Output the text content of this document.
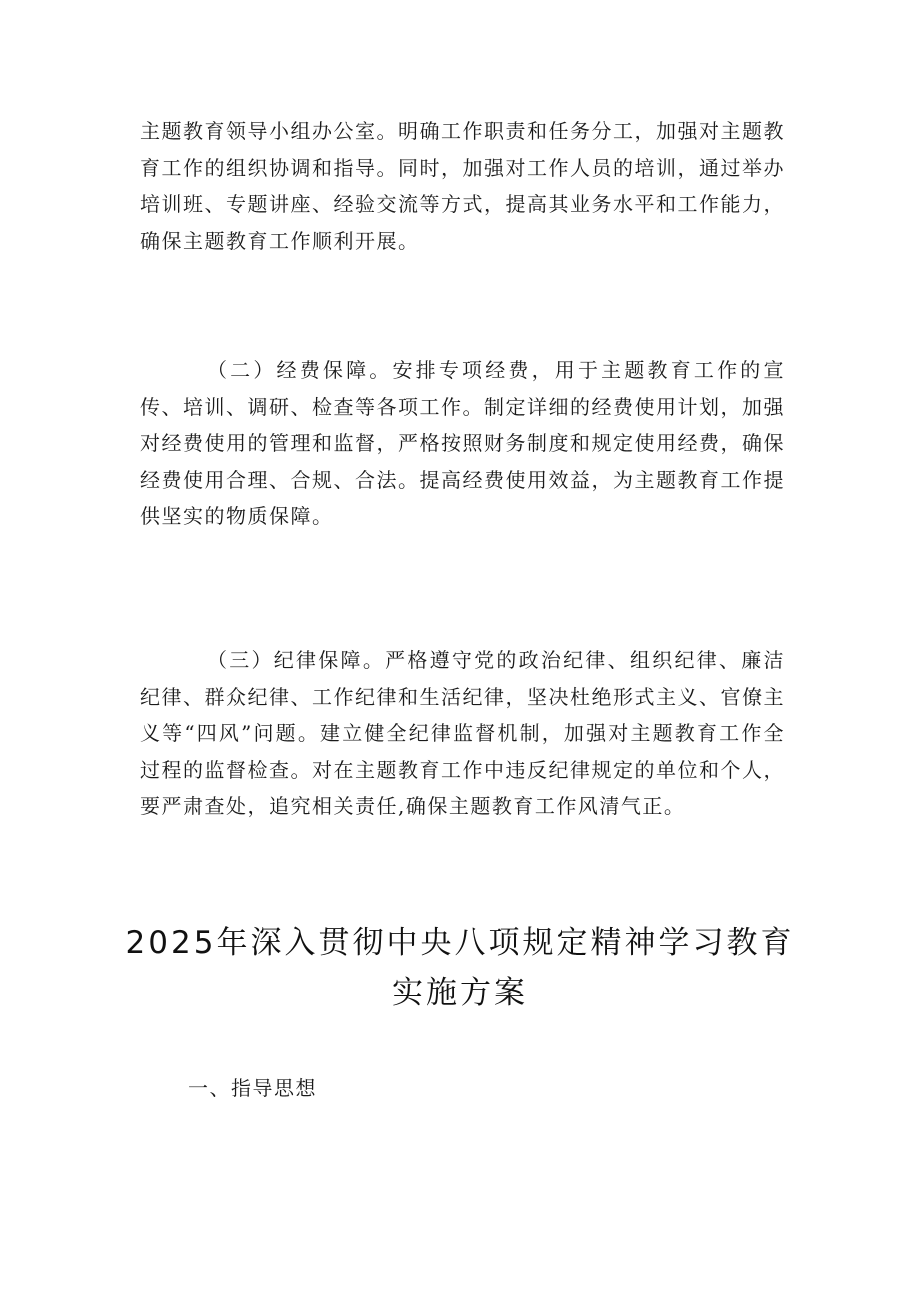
主题教育领导小组办公室。明确工作职责和任务分工，加强对主题教育工作的组织协调和指导。同时，加强对工作人员的培训，通过举办培训班、专题讲座、经验交流等方式，提高其业务水平和工作能力，确保主题教育工作顺利开展。

（二）经费保障。安排专项经费，用于主题教育工作的宣传、培训、调研、检查等各项工作。制定详细的经费使用计划，加强对经费使用的管理和监督，严格按照财务制度和规定使用经费，确保经费使用合理、合规、合法。提高经费使用效益，为主题教育工作提供坚实的物质保障。

（三）纪律保障。严格遵守党的政治纪律、组织纪律、廉洁纪律、群众纪律、工作纪律和生活纪律，坚决杜绝形式主义、官僚主义等“四风”问题。建立健全纪律监督机制，加强对主题教育工作全过程的监督检查。对在主题教育工作中违反纪律规定的单位和个人，要严肃查处，追究相关责任,确保主题教育工作风清气正。

2025年深入贯彻中央八项规定精神学习教育实施方案
一、指导思想
